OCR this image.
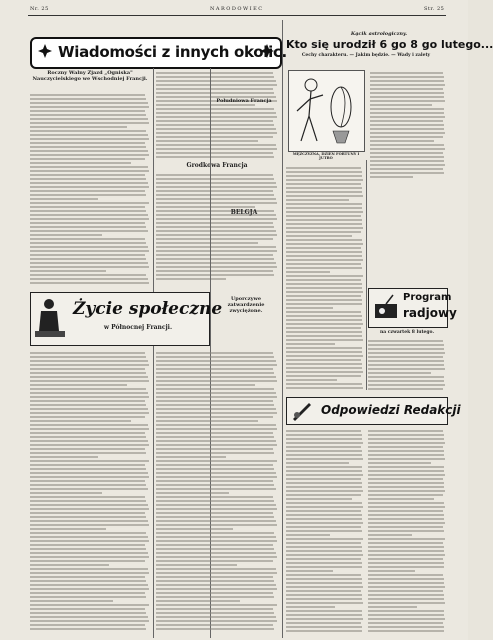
Nr. 25	NARODOWIEC	Str. 25
Wiadomości z innych okolic.
Roczny Walny Zjazd „Ogniska" Nauczycielskiego we Wschodniej Francji.
Grodkowa Francja
Kącik astrologiczny.
Kto się urodził 6 go 8 go lutego...
Cechy charakteru. — Jakim będzie. — Wady i zalety
MĘŻCZYZNA, DZIEŃ FORTUNY I JUTRO
Południowa Francja
BELGJA
Życie społeczne
w Północnej Francji.
Uporczywe zatwardzenie zwyciężone.
Program
radjowy
na czwartek 8 lutego.
Odpowiedzi Redakcji
